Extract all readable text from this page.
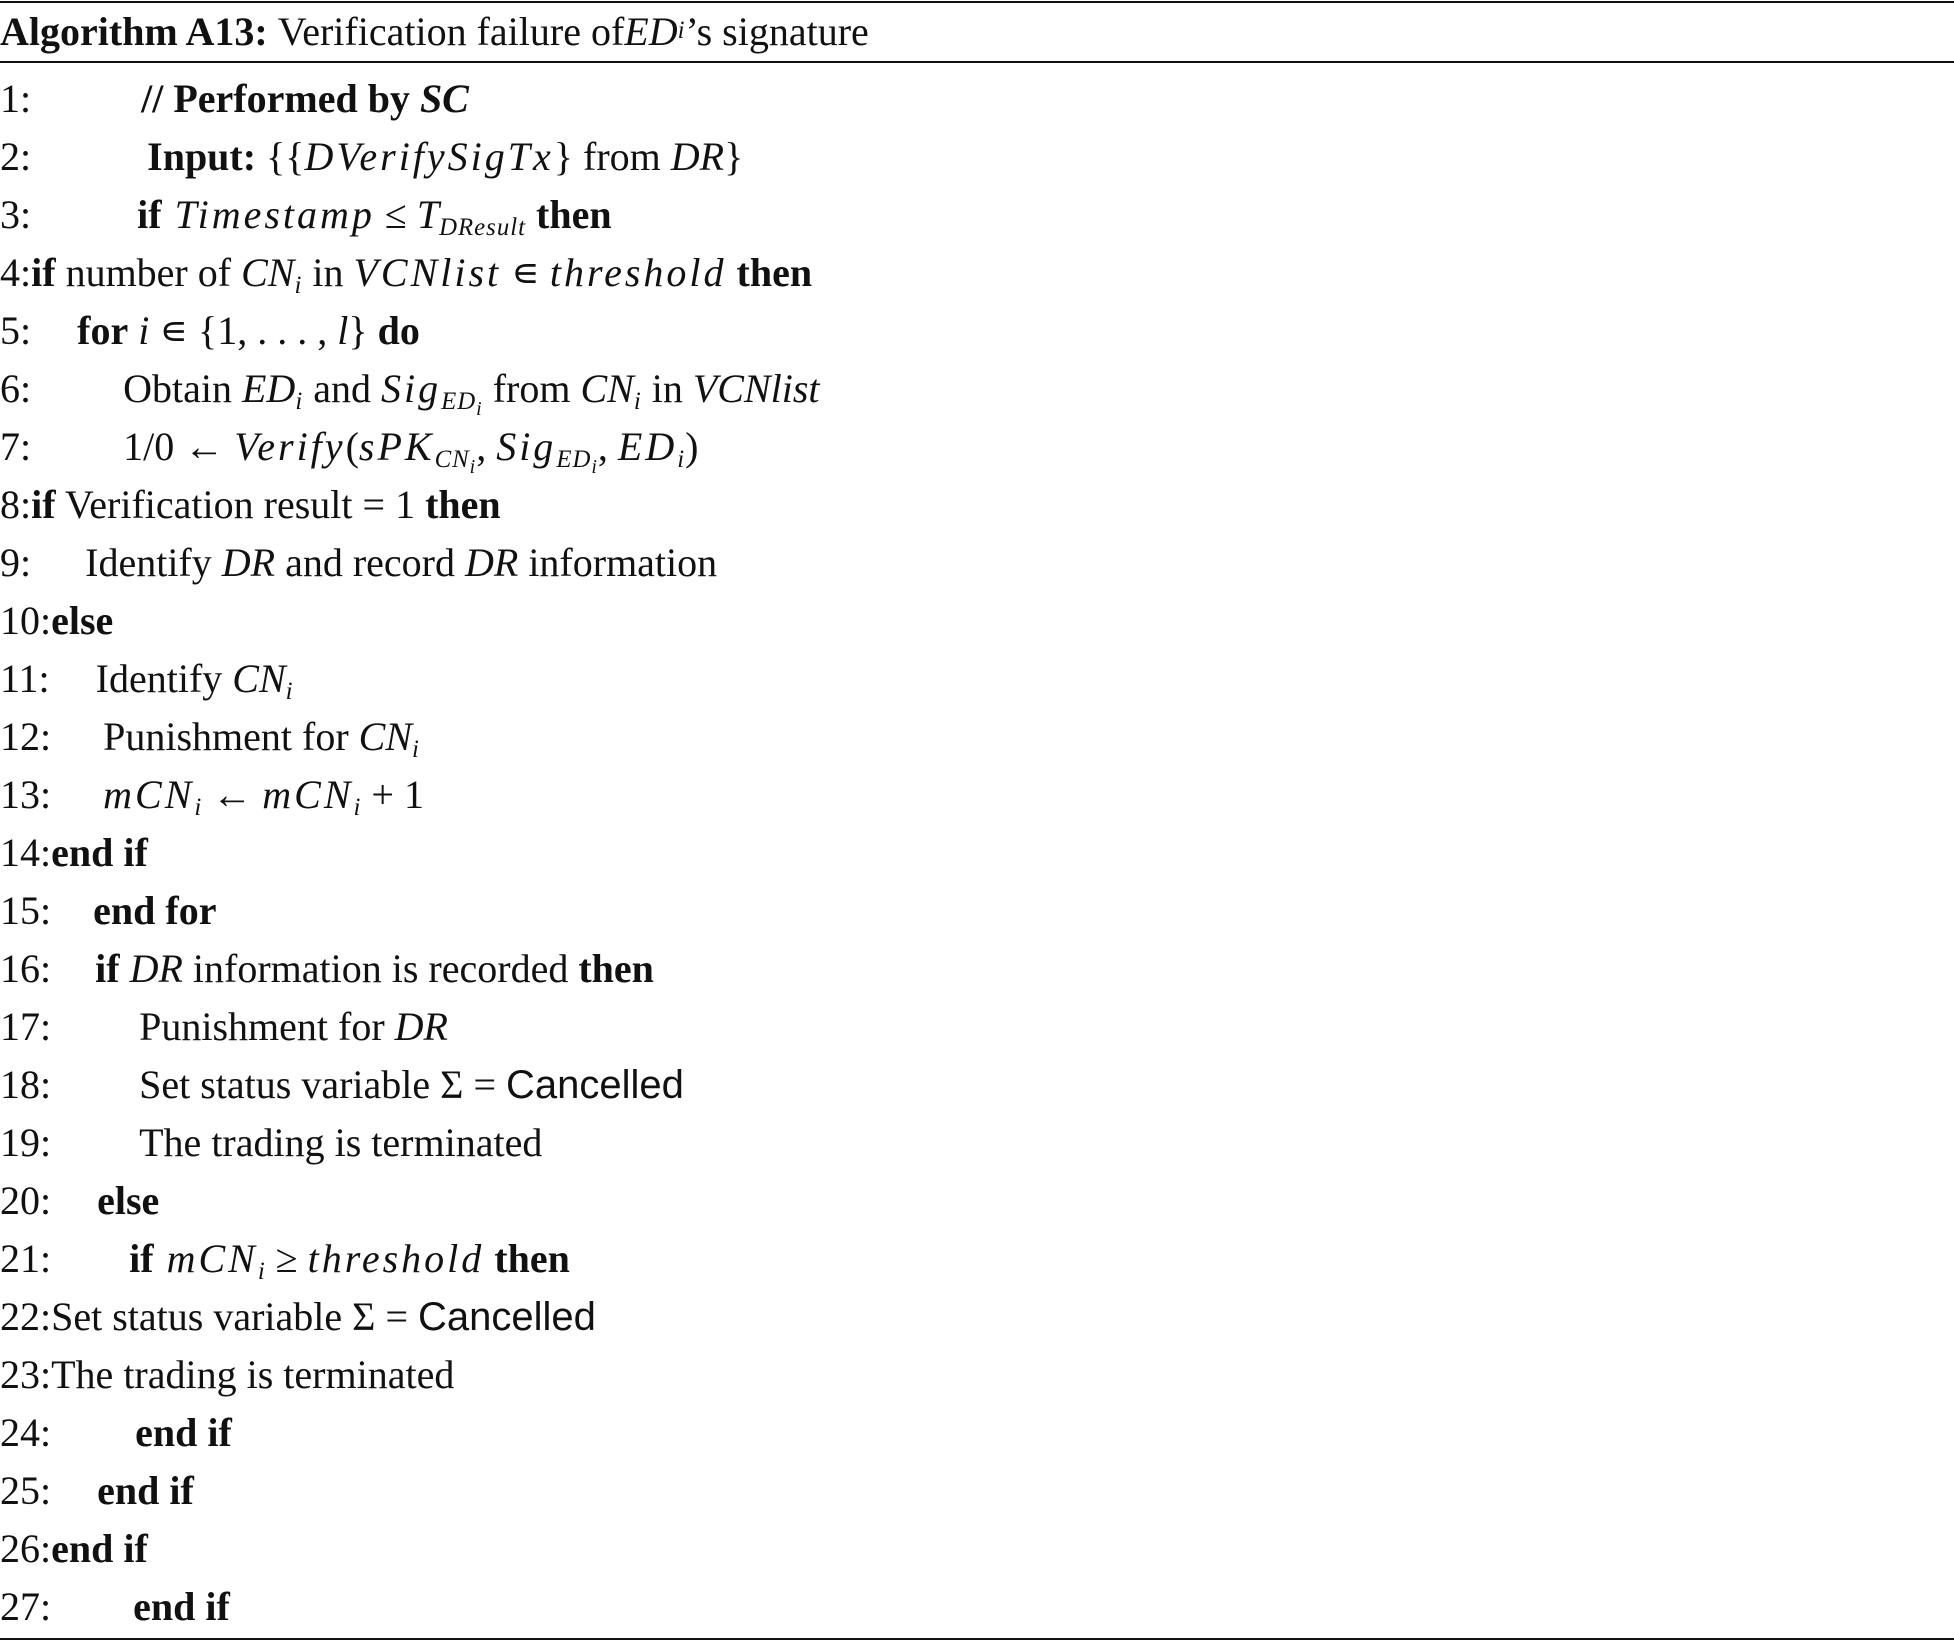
Algorithm A13:
Verification failure of ED i ’s signature
1:	// Performed by SC
2:	Input: {{DVerifySigTx} from DR}
3:	if Timestamp ≤ $T_{DResult}$ then
4:if number of $CN_i$ in VCNlist ∊ threshold then
5: for i ∊ {1, . . . , l} do
6: Obtain $ED_i$ and Sig$_{ED_i}$ from $CN_i$ in VCNlist
7: 1/0 ← Verify(sPK$_{CN_i}$, Sig$_{ED_i}$, $ED_i$)
8:if Verification result = 1 then
9: Identify DR and record DR information
10:else
11: Identify $CN_i$
12: Punishment for $CN_i$
13: mCN$_i$ ← mCN$_i$ + 1
14:end if
15: end for
16: if DR information is recorded then
17: Punishment for DR
18: Set status variable Σ = Cancelled
19: The trading is terminated
20: else
21: if mCN$_i$ ≥ threshold then
22:Set status variable Σ = Cancelled
23:The trading is terminated
24: end if
25: end if
26:end if
27: end if
